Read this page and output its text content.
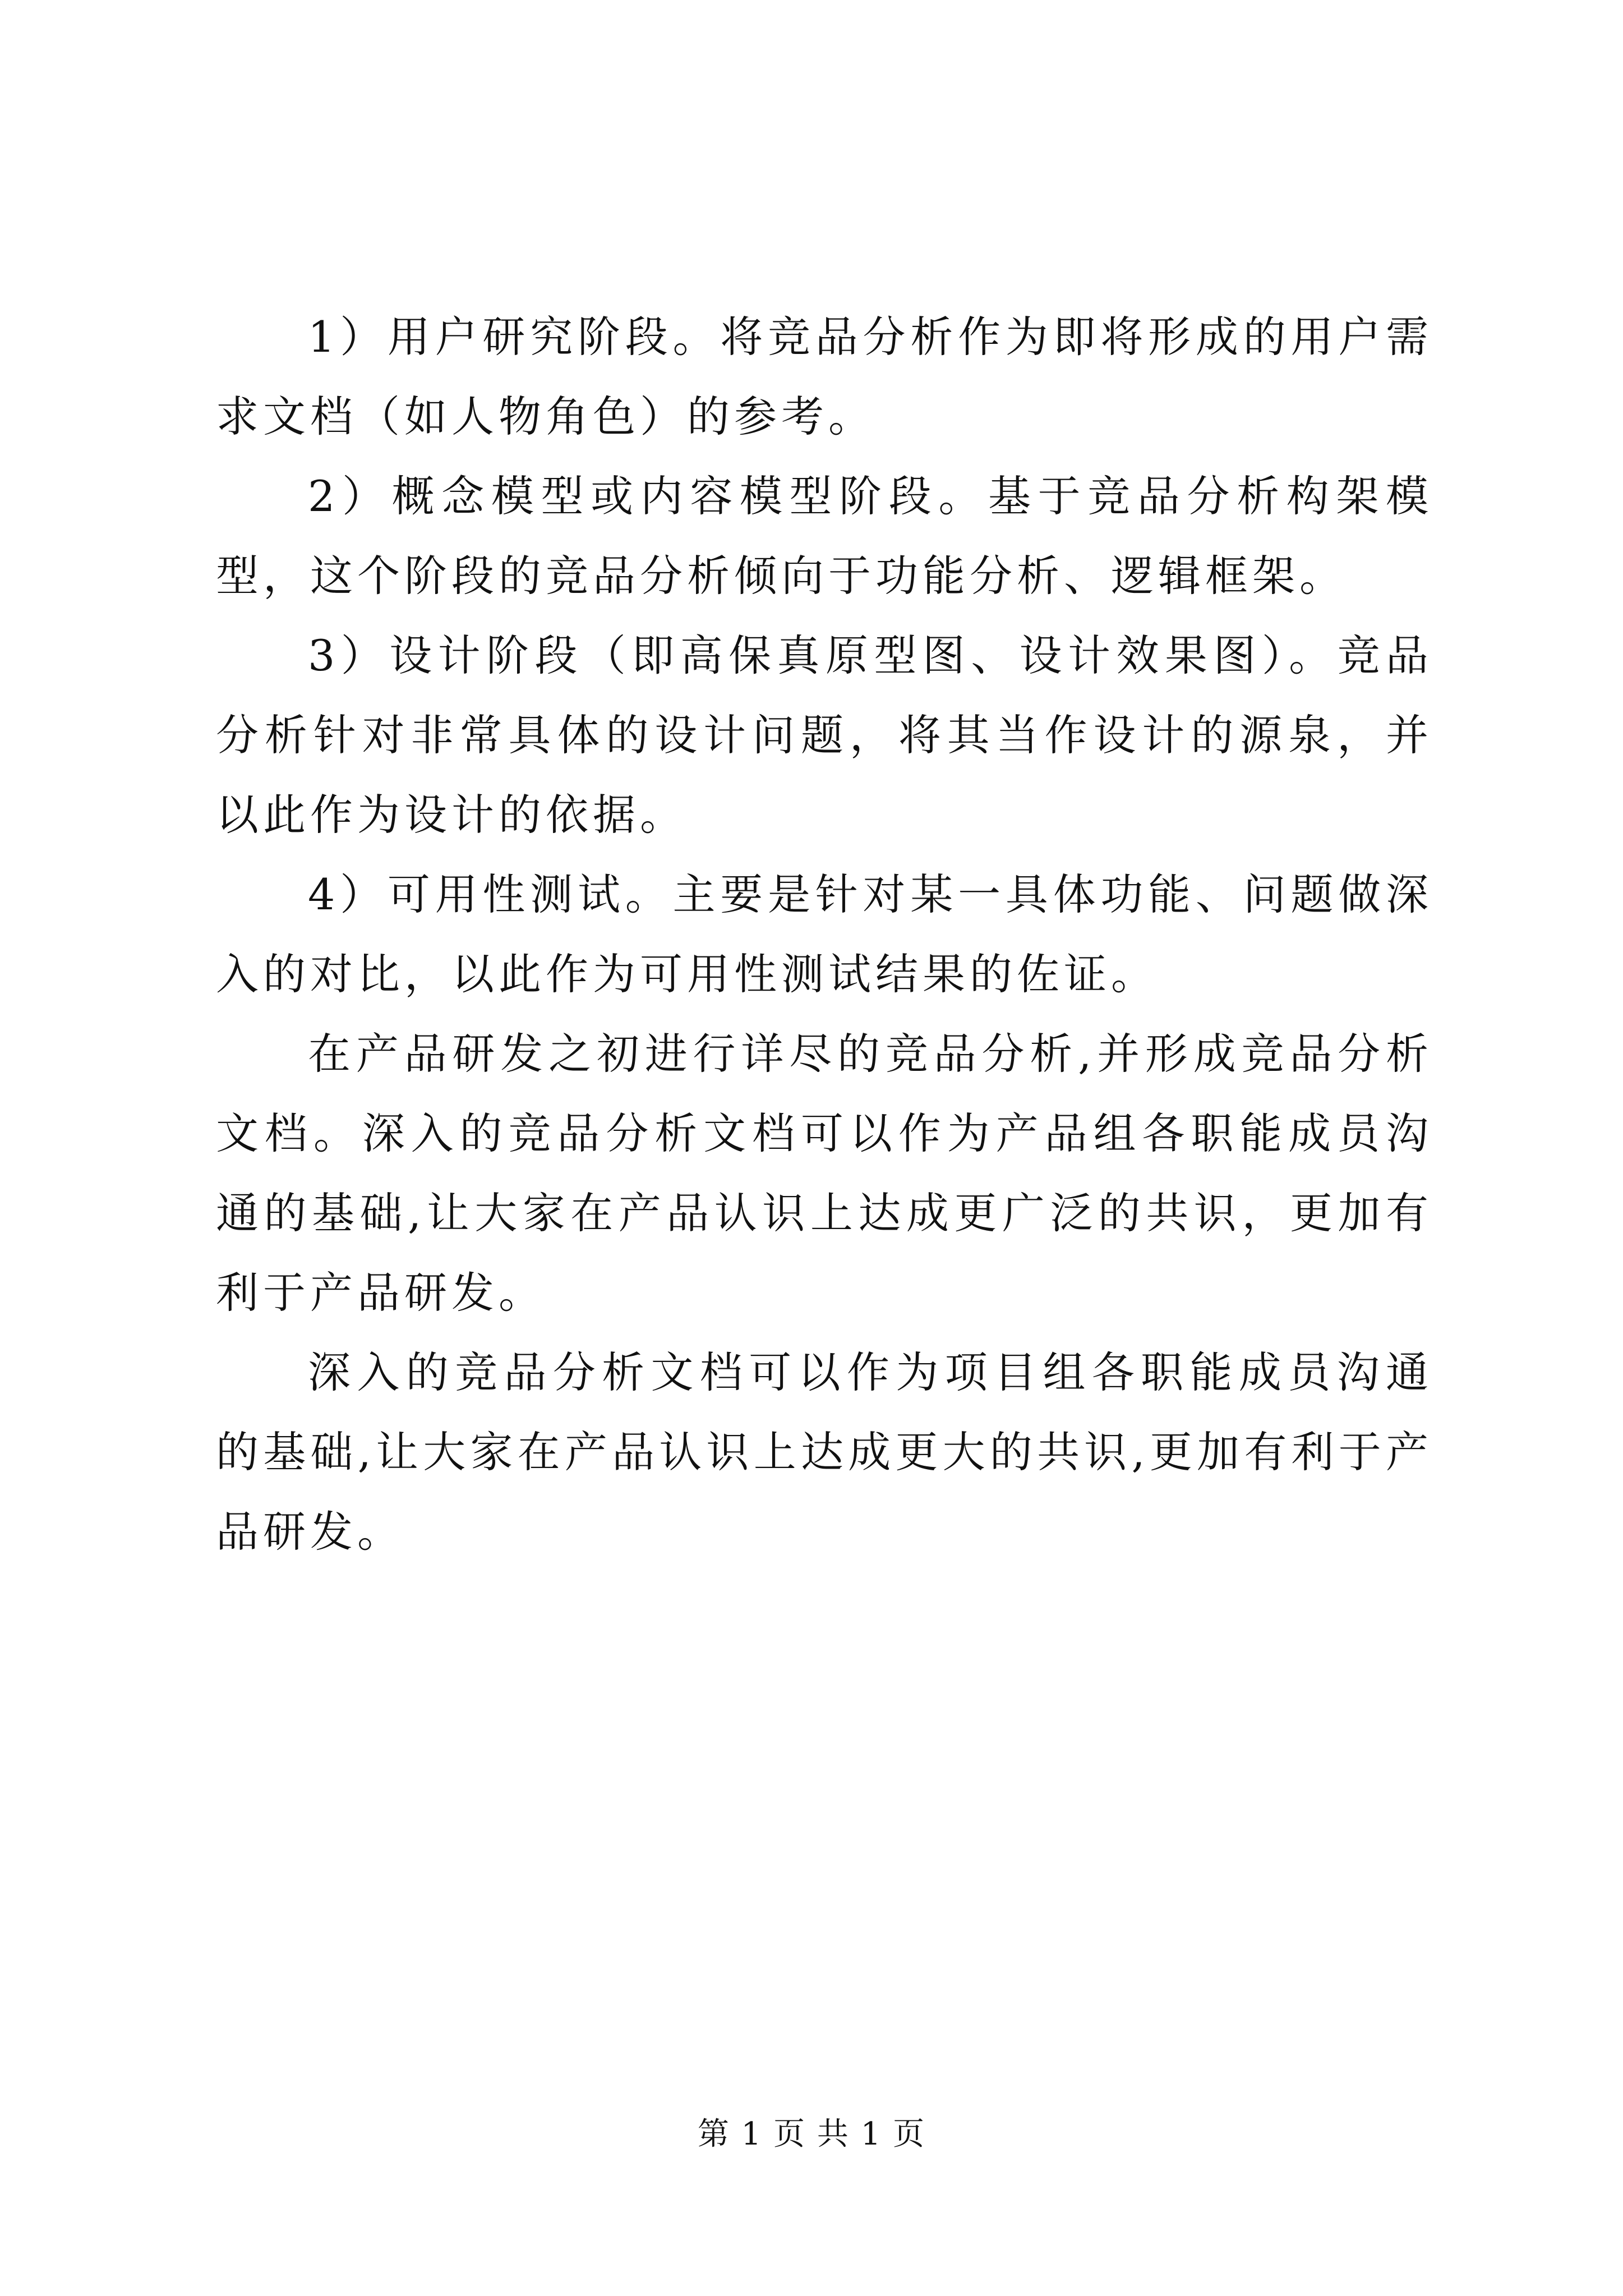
1）用户研究阶段。将竞品分析作为即将形成的用户需求文档（如人物角色）的参考。

2）概念模型或内容模型阶段。基于竞品分析构架模型，这个阶段的竞品分析倾向于功能分析、逻辑框架。

3）设计阶段（即高保真原型图、设计效果图）。竞品分析针对非常具体的设计问题，将其当作设计的源泉，并以此作为设计的依据。

4）可用性测试。主要是针对某一具体功能、问题做深入的对比，以此作为可用性测试结果的佐证。

在产品研发之初进行详尽的竞品分析,并形成竞品分析文档。深入的竞品分析文档可以作为产品组各职能成员沟通的基础,让大家在产品认识上达成更广泛的共识，更加有利于产品研发。

深入的竞品分析文档可以作为项目组各职能成员沟通的基础,让大家在产品认识上达成更大的共识,更加有利于产品研发。

第 1 页 共 1 页
